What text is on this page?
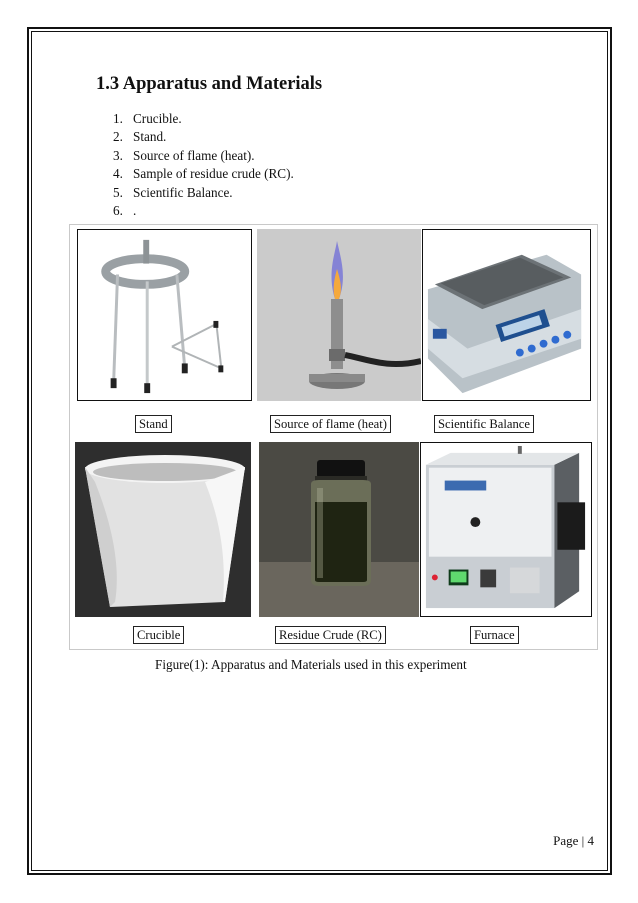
1.3 Apparatus and Materials
1. Crucible.
2. Stand.
3. Source of flame (heat).
4. Sample of residue crude (RC).
5. Scientific Balance.
6. .
Stand	Source of flame (heat)	Scientific Balance
Crucible	Residue Crude (RC)	Furnace
Figure(1): Apparatus and Materials used in this experiment
Page | 4
